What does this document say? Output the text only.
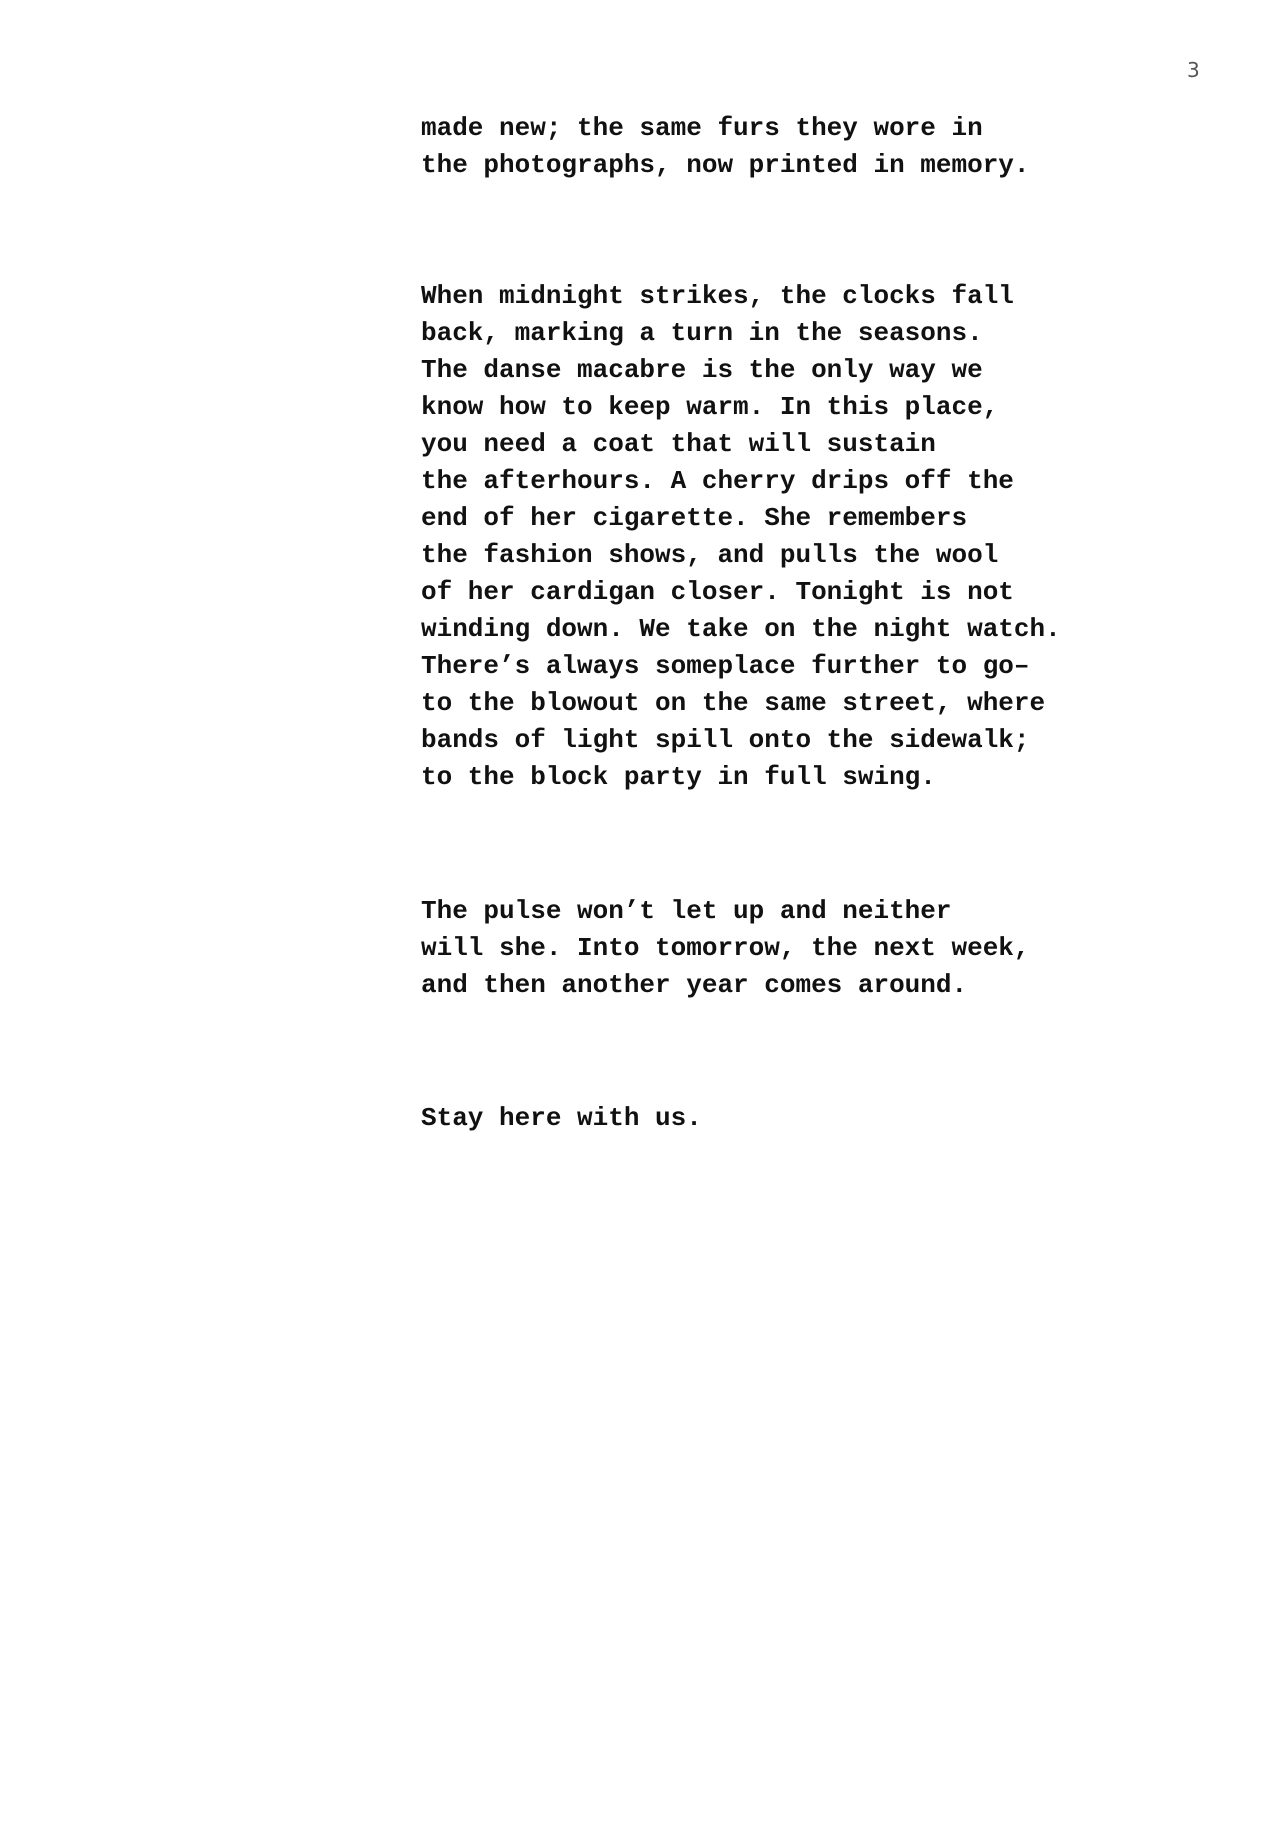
3

made new; the same furs they wore in
the photographs, now printed in memory.

When midnight strikes, the clocks fall
back, marking a turn in the seasons.
The danse macabre is the only way we
know how to keep warm. In this place,
you need a coat that will sustain
the afterhours. A cherry drips off the
end of her cigarette. She remembers
the fashion shows, and pulls the wool
of her cardigan closer. Tonight is not
winding down. We take on the night watch.
There’s always someplace further to go–
to the blowout on the same street, where
bands of light spill onto the sidewalk;
to the block party in full swing.

The pulse won’t let up and neither
will she. Into tomorrow, the next week,
and then another year comes around.

Stay here with us.
